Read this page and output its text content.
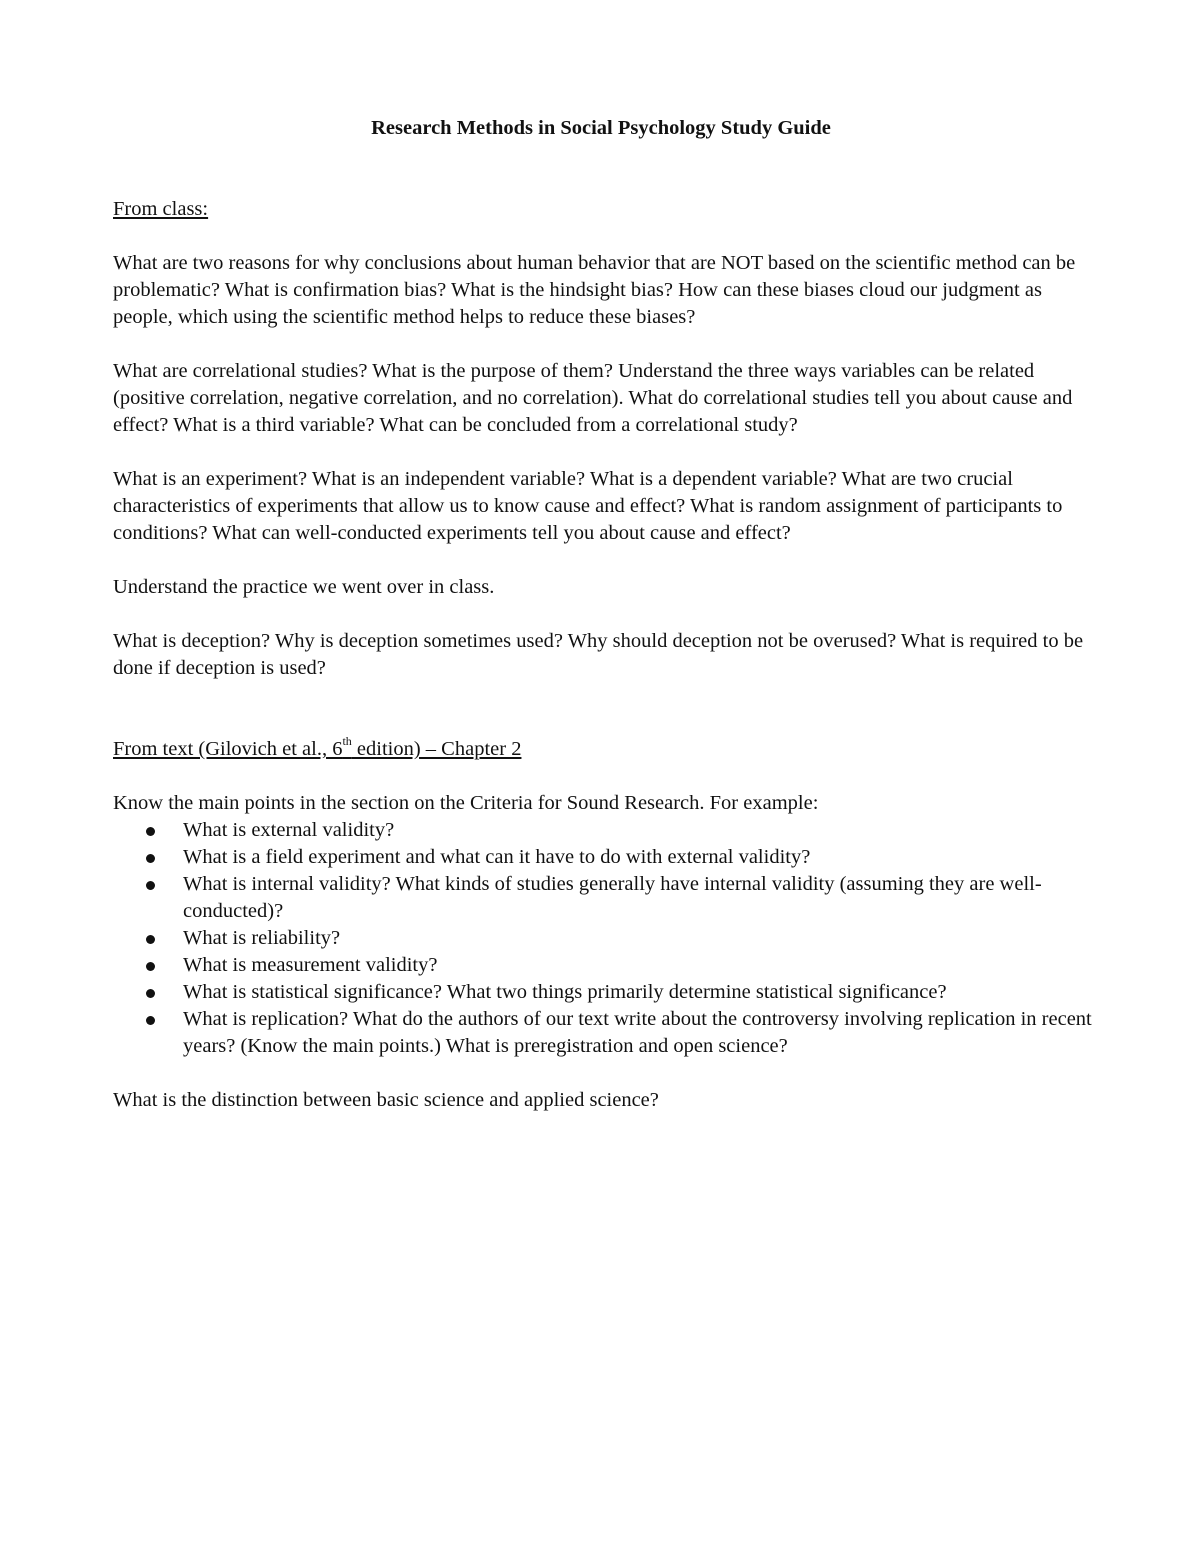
Research Methods in Social Psychology Study Guide
From class:

What are two reasons for why conclusions about human behavior that are NOT based on the scientific method can be problematic? What is confirmation bias? What is the hindsight bias? How can these biases cloud our judgment as people, which using the scientific method helps to reduce these biases?

What are correlational studies? What is the purpose of them? Understand the three ways variables can be related (positive correlation, negative correlation, and no correlation). What do correlational studies tell you about cause and effect? What is a third variable? What can be concluded from a correlational study?

What is an experiment? What is an independent variable? What is a dependent variable? What are two crucial characteristics of experiments that allow us to know cause and effect? What is random assignment of participants to conditions? What can well-conducted experiments tell you about cause and effect?

Understand the practice we went over in class.

What is deception? Why is deception sometimes used? Why should deception not be overused? What is required to be done if deception is used?

From text (Gilovich et al., 6th edition) – Chapter 2

Know the main points in the section on the Criteria for Sound Research. For example:

What is external validity?
What is a field experiment and what can it have to do with external validity?
What is internal validity? What kinds of studies generally have internal validity (assuming they are well-conducted)?
What is reliability?
What is measurement validity?
What is statistical significance? What two things primarily determine statistical significance?
What is replication? What do the authors of our text write about the controversy involving replication in recent years? (Know the main points.) What is preregistration and open science?

What is the distinction between basic science and applied science?
